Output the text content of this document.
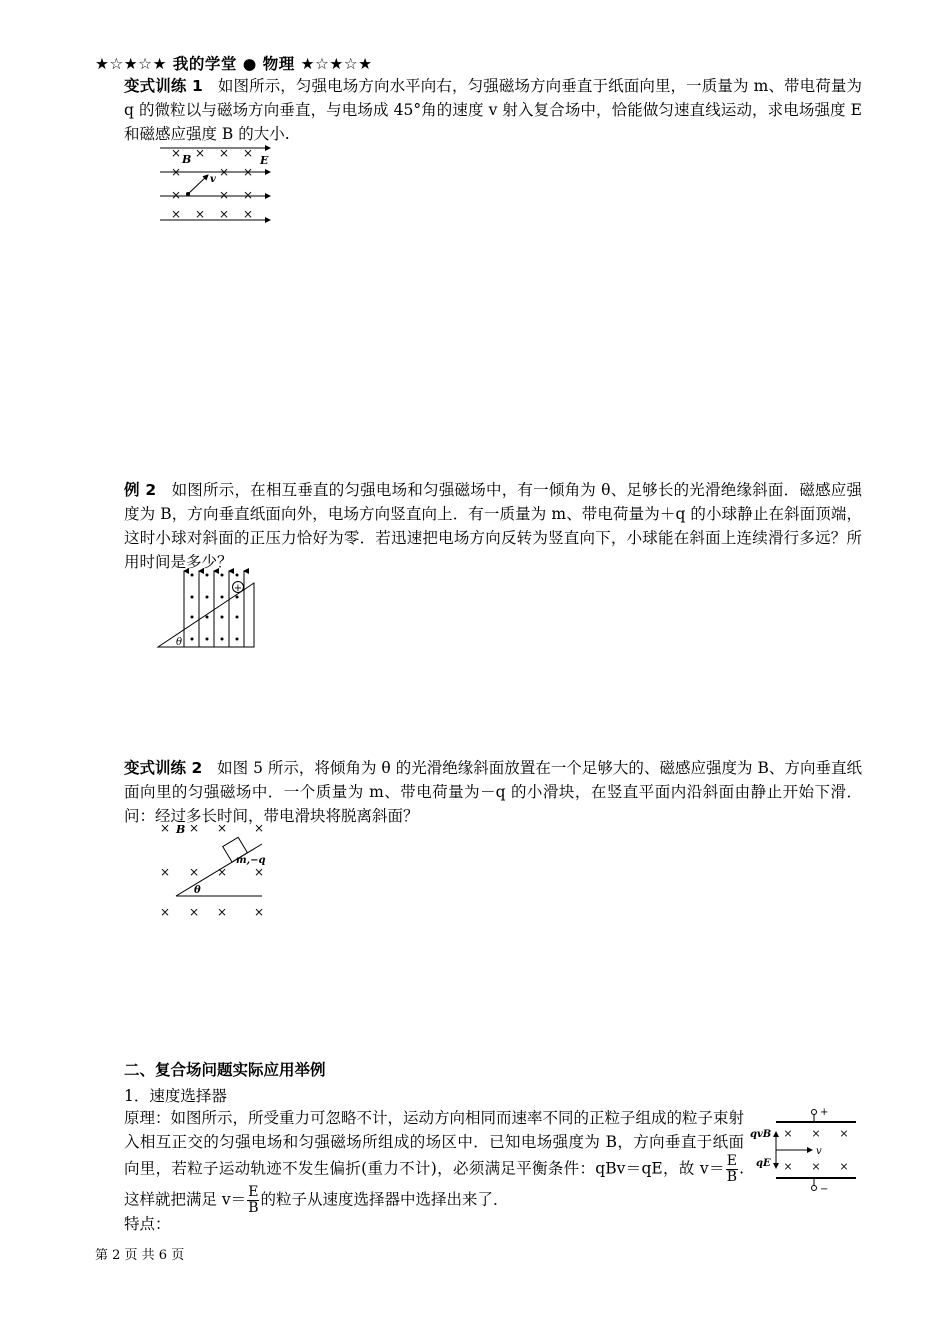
★☆★☆★ 我的学堂 ● 物理 ★☆★☆★
变式训练 1 如图所示，匀强电场方向水平向右，匀强磁场方向垂直于纸面向里，一质量为 m、带电荷量为 q 的微粒以与磁场方向垂直，与电场成 45°角的速度 v 射入复合场中，恰能做匀速直线运动，求电场强度 E 和磁感应强度 B 的大小.
× × × ×
×	× ×
×	× ×
× × × ×
B	E
v
例 2 如图所示，在相互垂直的匀强电场和匀强磁场中，有一倾角为 θ、足够长的光滑绝缘斜面．磁感应强度为 B，方向垂直纸面向外，电场方向竖直向上．有一质量为 m、带电荷量为＋q 的小球静止在斜面顶端，这时小球对斜面的正压力恰好为零．若迅速把电场方向反转为竖直向下，小球能在斜面上连续滑行多远？所用时间是多少？
+
θ
变式训练 2 如图 5 所示，将倾角为 θ 的光滑绝缘斜面放置在一个足够大的、磁感应强度为 B、方向垂直纸面向里的匀强磁场中．一个质量为 m、带电荷量为－q 的小滑块，在竖直平面内沿斜面由静止开始下滑．问：经过多长时间，带电滑块将脱离斜面？
× × × ×
× × × ×
× × × ×
B
m,−q
θ
二、复合场问题实际应用举例
1．速度选择器
原理：如图所示，所受重力可忽略不计，运动方向相同而速率不同的正粒子组成的粒子束射入相互正交的匀强电场和匀强磁场所组成的场区中．已知电场强度为 B，方向垂直于纸面向里，若粒子运动轨迹不发生偏折(重力不计)，必须满足平衡条件：qBv＝qE，故 $v= \frac{E}{B}$ .这样就把满足 $v= \frac{E}{B}$ 的粒子从速度选择器中选择出来了．
+
−
× × ×
× × ×
qvB
qE
v
特点：
第 2 页 共 6 页
